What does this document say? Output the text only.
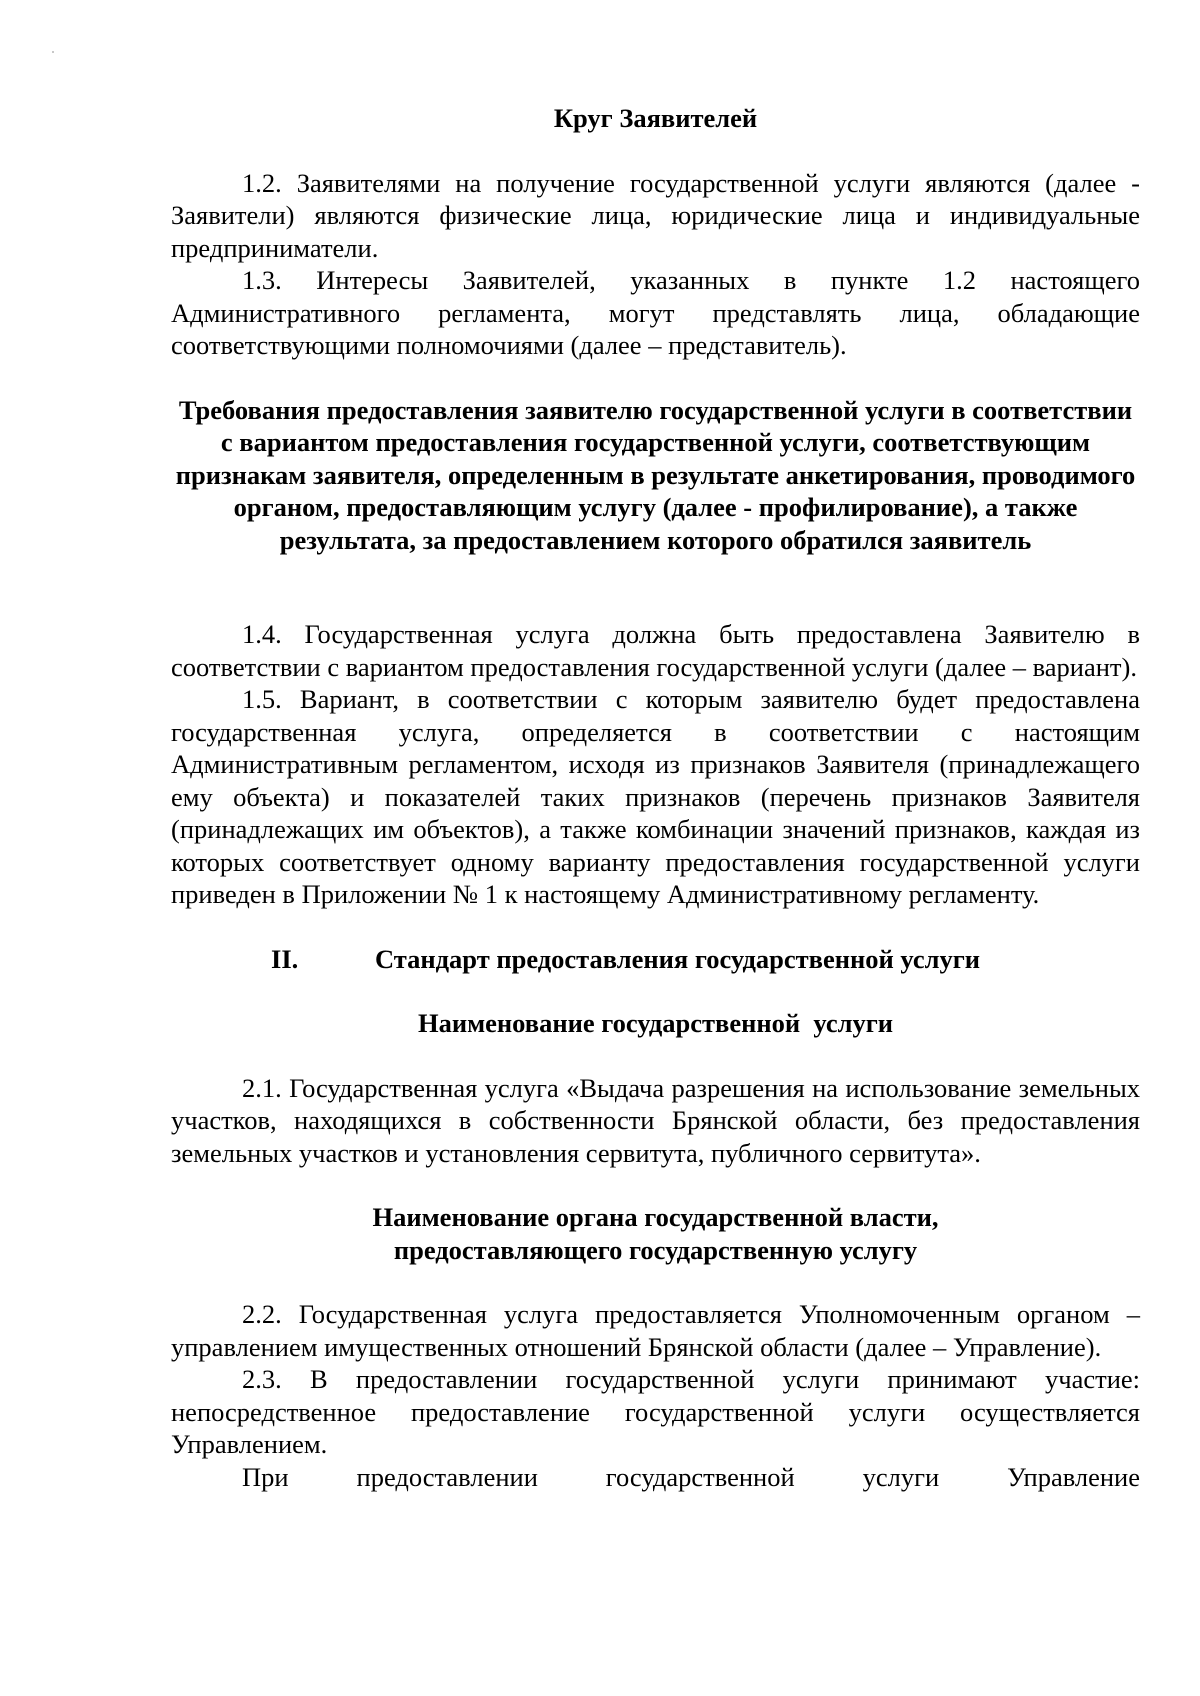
Круг Заявителей

1.2. Заявителями на получение государственной услуги являются (далее - Заявители) являются физические лица, юридические лица и индивидуальные предприниматели.

1.3. Интересы Заявителей, указанных в пункте 1.2 настоящего Административного регламента, могут представлять лица, обладающие соответствующими полномочиями (далее – представитель).

Требования предоставления заявителю государственной услуги в соответствии с вариантом предоставления государственной услуги, соответствующим признакам заявителя, определенным в результате анкетирования, проводимого органом, предоставляющим услугу (далее - профилирование), а также результата, за предоставлением которого обратился заявитель

1.4. Государственная услуга должна быть предоставлена Заявителю в соответствии с вариантом предоставления государственной услуги (далее – вариант).

1.5. Вариант, в соответствии с которым заявителю будет предоставлена государственная услуга, определяется в соответствии с настоящим Административным регламентом, исходя из признаков Заявителя (принадлежащего ему объекта) и показателей таких признаков (перечень признаков Заявителя (принадлежащих им объектов), а также комбинации значений признаков, каждая из которых соответствует одному варианту предоставления государственной услуги приведен в Приложении № 1 к настоящему Административному регламенту.

II.	Стандарт предоставления государственной услуги

Наименование государственной  услуги

2.1. Государственная услуга «Выдача разрешения на использование земельных участков, находящихся в собственности Брянской области, без предоставления земельных участков и установления сервитута, публичного сервитута».

Наименование органа государственной власти,

предоставляющего государственную услугу

2.2. Государственная услуга предоставляется Уполномоченным органом – управлением имущественных отношений Брянской области (далее – Управление).

2.3. В предоставлении государственной услуги принимают участие: непосредственное предоставление государственной услуги осуществляется Управлением.

При предоставлении государственной услуги Управление
